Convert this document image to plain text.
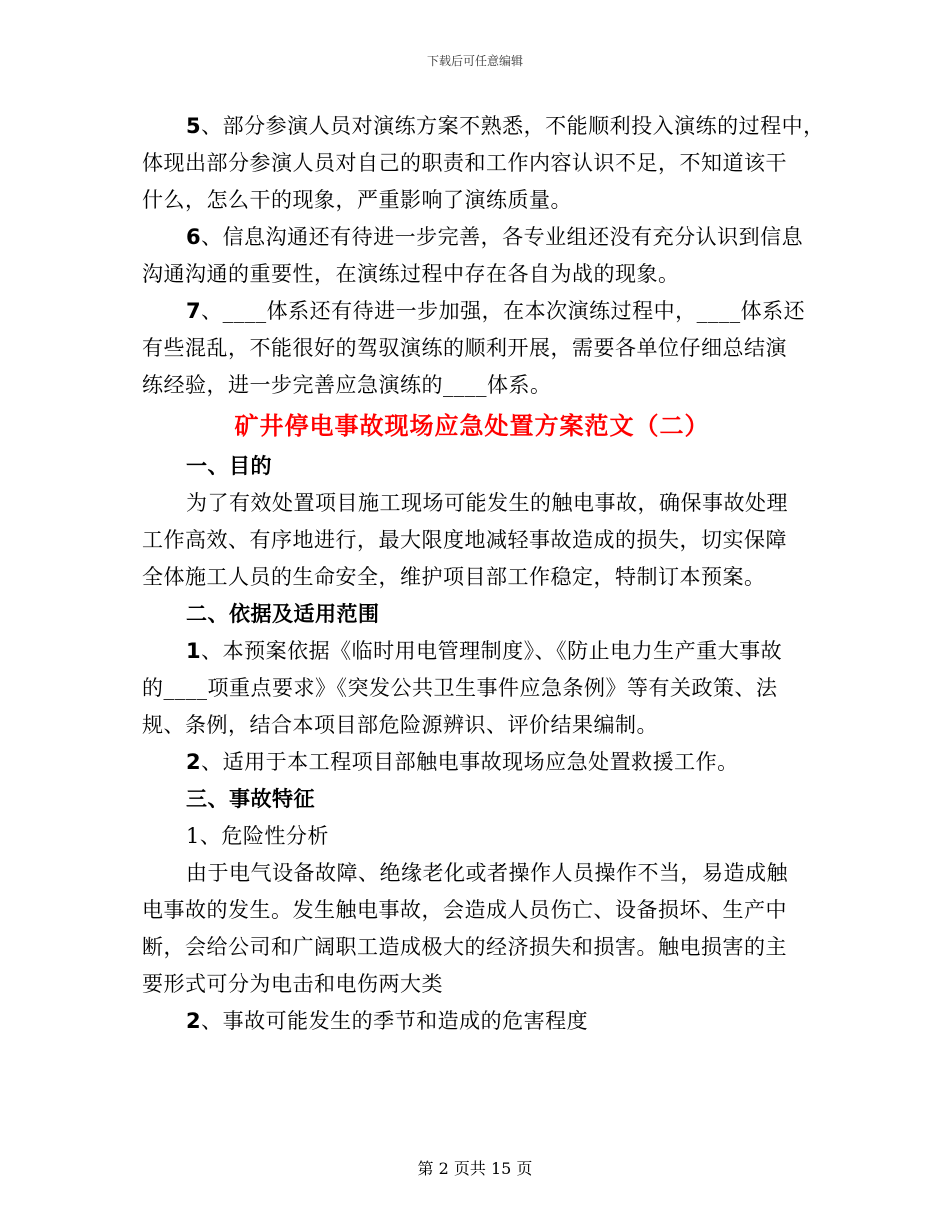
下载后可任意编辑
5、部分参演人员对演练方案不熟悉，不能顺利投入演练的过程中，
体现出部分参演人员对自己的职责和工作内容认识不足，不知道该干
什么，怎么干的现象，严重影响了演练质量。
6、信息沟通还有待进一步完善，各专业组还没有充分认识到信息
沟通沟通的重要性，在演练过程中存在各自为战的现象。
7、____体系还有待进一步加强，在本次演练过程中，____体系还
有些混乱，不能很好的驾驭演练的顺利开展，需要各单位仔细总结演
练经验，进一步完善应急演练的____体系。
矿井停电事故现场应急处置方案范文（二）
一、目的
为了有效处置项目施工现场可能发生的触电事故，确保事故处理
工作高效、有序地进行，最大限度地减轻事故造成的损失，切实保障
全体施工人员的生命安全，维护项目部工作稳定，特制订本预案。
二、依据及适用范围
1、本预案依据《临时用电管理制度》、《防止电力生产重大事故
的____项重点要求》《突发公共卫生事件应急条例》等有关政策、法
规、条例，结合本项目部危险源辨识、评价结果编制。
2、适用于本工程项目部触电事故现场应急处置救援工作。
三、事故特征
1、危险性分析
由于电气设备故障、绝缘老化或者操作人员操作不当，易造成触
电事故的发生。发生触电事故，会造成人员伤亡、设备损坏、生产中
断，会给公司和广阔职工造成极大的经济损失和损害。触电损害的主
要形式可分为电击和电伤两大类
2、事故可能发生的季节和造成的危害程度
第 2 页共 15 页
